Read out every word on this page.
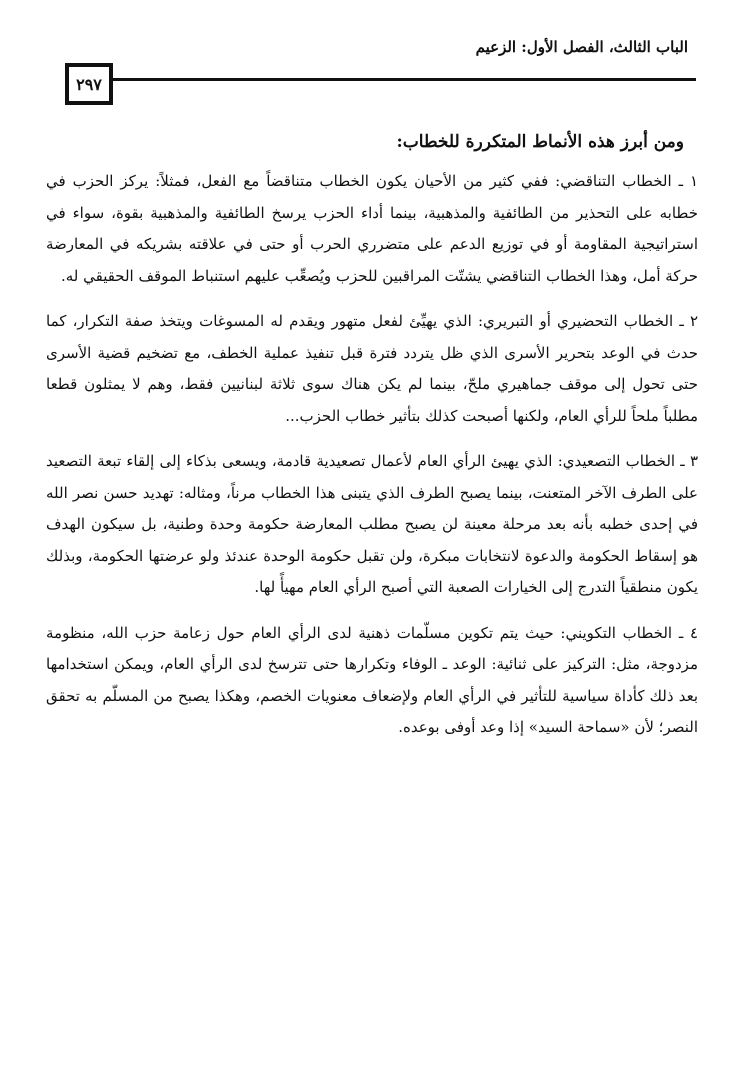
الباب الثالث، الفصل الأول: الزعيم
٢٩٧
ومن أبرز هذه الأنماط المتكررة للخطاب:

١ ـ الخطاب التناقضي: ففي كثير من الأحيان يكون الخطاب متناقضاً مع الفعل، فمثلاً: يركز الحزب في خطابه على التحذير من الطائفية والمذهبية، بينما أداء الحزب يرسخ الطائفية والمذهبية بقوة، سواء في استراتيجية المقاومة أو في توزيع الدعم على متضرري الحرب أو حتى في علاقته بشريكه في المعارضة حركة أمل، وهذا الخطاب التناقضي يشتّت المراقبين للحزب ويُصعِّب عليهم استنباط الموقف الحقيقي له.

٢ ـ الخطاب التحضيري أو التبريري: الذي يهيِّئ لفعل متهور ويقدم له المسوغات ويتخذ صفة التكرار، كما حدث في الوعد بتحرير الأسرى الذي ظل يتردد فترة قبل تنفيذ عملية الخطف، مع تضخيم قضية الأسرى حتى تحول إلى موقف جماهيري ملحّ، بينما لم يكن هناك سوى ثلاثة لبنانيين فقط، وهم لا يمثلون قطعا مطلباً ملحاً للرأي العام، ولكنها أصبحت كذلك بتأثير خطاب الحزب...

٣ ـ الخطاب التصعيدي: الذي يهيئ الرأي العام لأعمال تصعيدية قادمة، ويسعى بذكاء إلى إلقاء تبعة التصعيد على الطرف الآخر المتعنت، بينما يصبح الطرف الذي يتبنى هذا الخطاب مرناً، ومثاله: تهديد حسن نصر الله في إحدى خطبه بأنه بعد مرحلة معينة لن يصبح مطلب المعارضة حكومة وحدة وطنية، بل سيكون الهدف هو إسقاط الحكومة والدعوة لانتخابات مبكرة، ولن تقبل حكومة الوحدة عندئذ ولو عرضتها الحكومة، وبذلك يكون منطقياً التدرج إلى الخيارات الصعبة التي أصبح الرأي العام مهيأً لها.

٤ ـ الخطاب التكويني: حيث يتم تكوين مسلّمات ذهنية لدى الرأي العام حول زعامة حزب الله، منظومة مزدوجة، مثل: التركيز على ثنائية: الوعد ـ الوفاء وتكرارها حتى تترسخ لدى الرأي العام، ويمكن استخدامها بعد ذلك كأداة سياسية للتأثير في الرأي العام ولإضعاف معنويات الخصم، وهكذا يصبح من المسلّم به تحقق النصر؛ لأن «سماحة السيد» إذا وعد أوفى بوعده.
